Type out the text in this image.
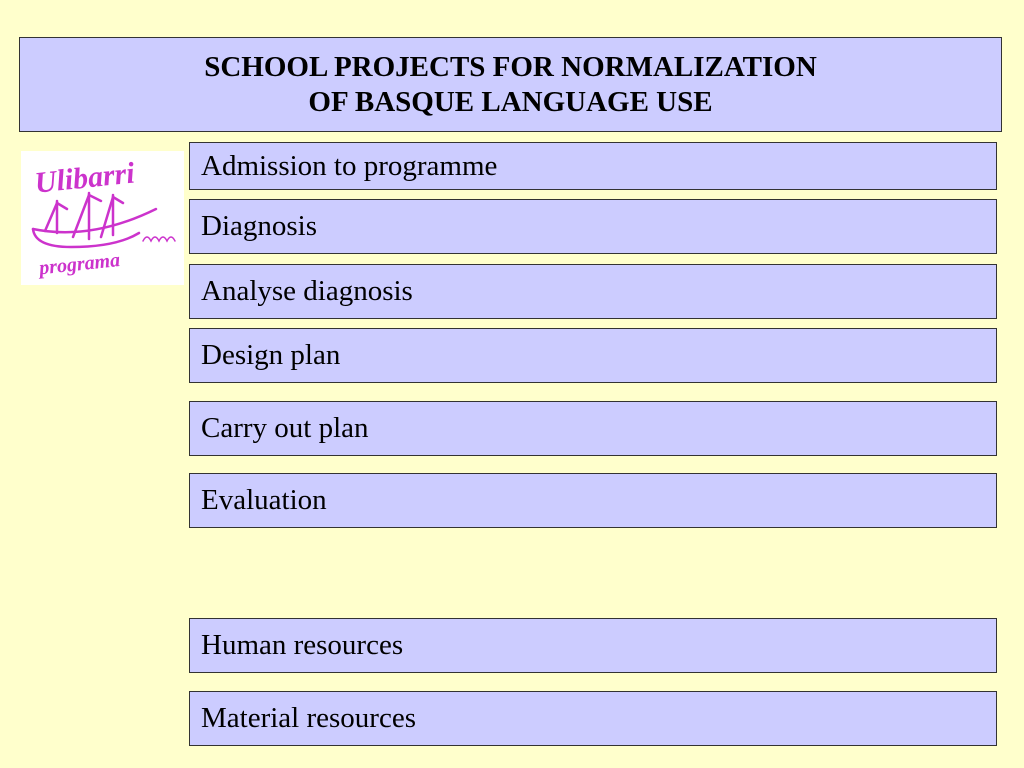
SCHOOL PROJECTS FOR NORMALIZATION
OF BASQUE LANGUAGE USE
Ulibarri
programa
Admission to programme
Diagnosis
Analyse diagnosis
Design plan
Carry out plan
Evaluation
Human resources
Material resources
